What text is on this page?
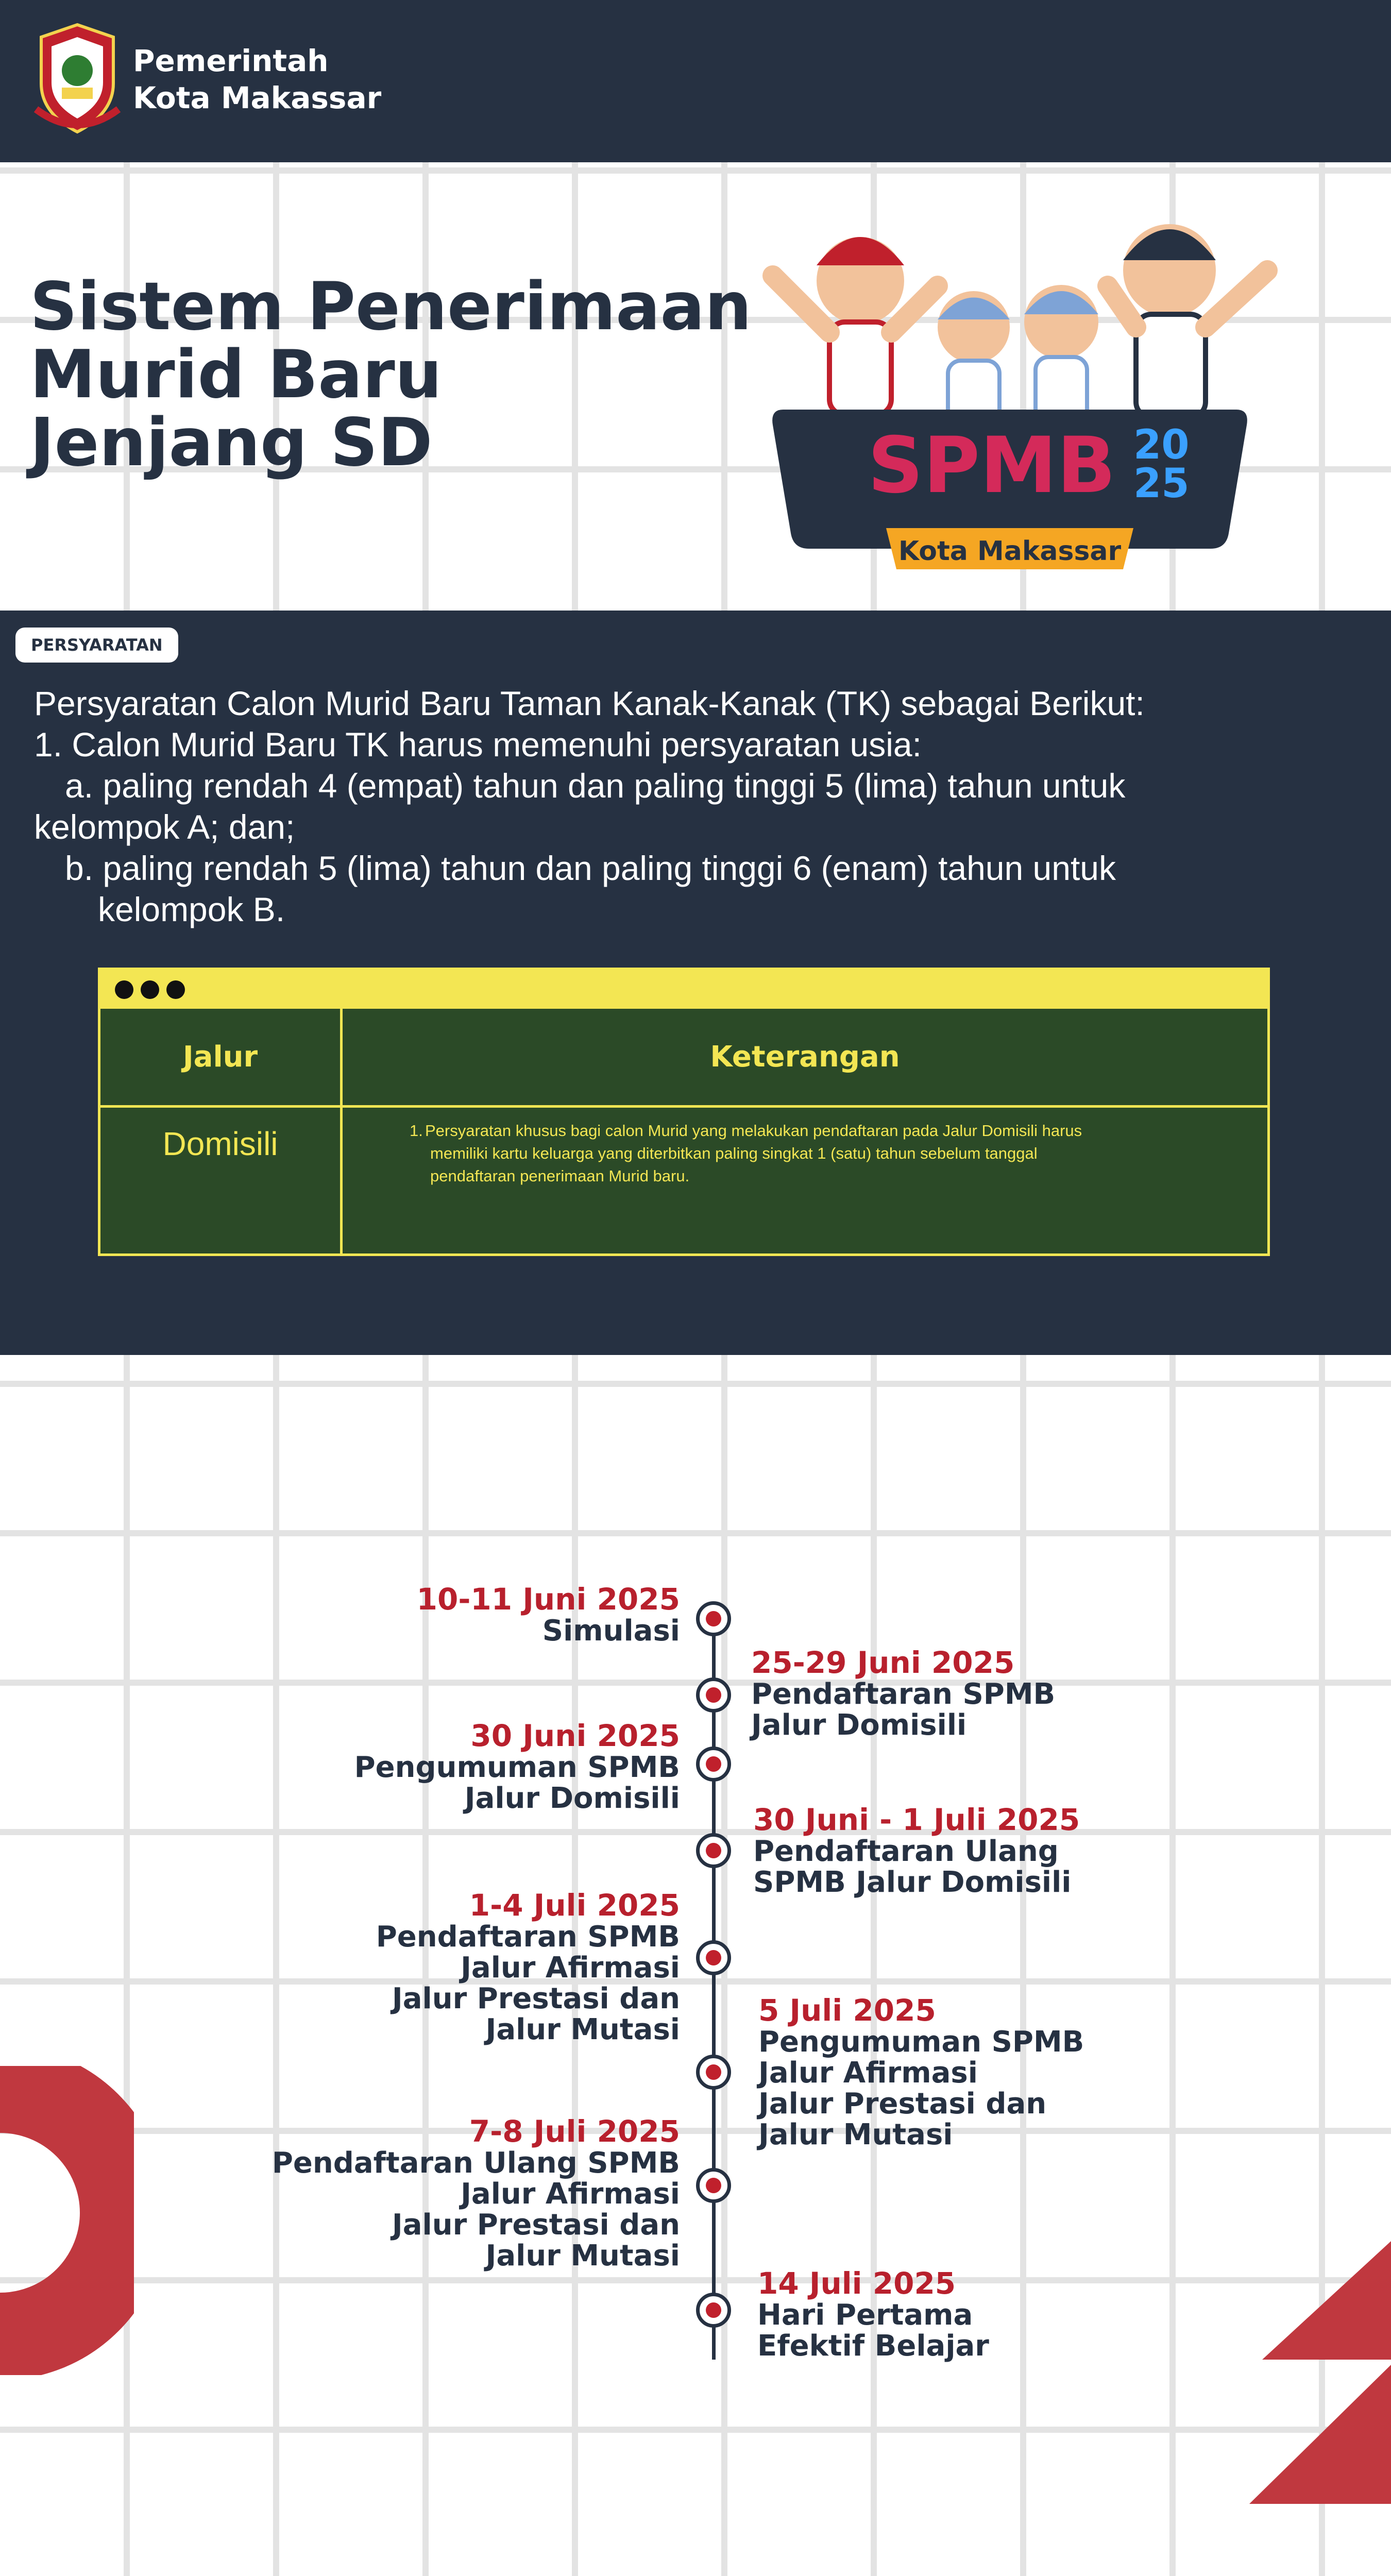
Pemerintah
Kota Makassar
Sistem Penerimaan
Murid Baru
Jenjang SD	SPMB 20
25
Kota Makassar
PERSYARATAN
Persyaratan Calon Murid Baru Taman Kanak-Kanak (TK) sebagai Berikut:
1. Calon Murid Baru TK harus memenuhi persyaratan usia:
a. paling rendah 4 (empat) tahun dan paling tinggi 5 (lima) tahun untuk
kelompok A; dan;
b. paling rendah 5 (lima) tahun dan paling tinggi 6 (enam) tahun untuk
kelompok B.
Jalur	Keterangan
Domisili	1. Persyaratan khusus bagi calon Murid yang melakukan pendaftaran pada Jalur Domisili harus
memiliki kartu keluarga yang diterbitkan paling singkat 1 (satu) tahun sebelum tanggal
pendaftaran penerimaan Murid baru.
10-11 Juni 2025
Simulasi
25-29 Juni 2025
Pendaftaran SPMB
Jalur Domisili
30 Juni 2025
Pengumuman SPMB
Jalur Domisili
30 Juni - 1 Juli 2025
Pendaftaran Ulang
SPMB Jalur Domisili
1-4 Juli 2025
Pendaftaran SPMB
Jalur Afirmasi
Jalur Prestasi dan
Jalur Mutasi
5 Juli 2025
Pengumuman SPMB
Jalur Afirmasi
Jalur Prestasi dan
Jalur Mutasi
7-8 Juli 2025
Pendaftaran Ulang SPMB
Jalur Afirmasi
Jalur Prestasi dan
Jalur Mutasi
14 Juli 2025
Hari Pertama
Efektif Belajar
